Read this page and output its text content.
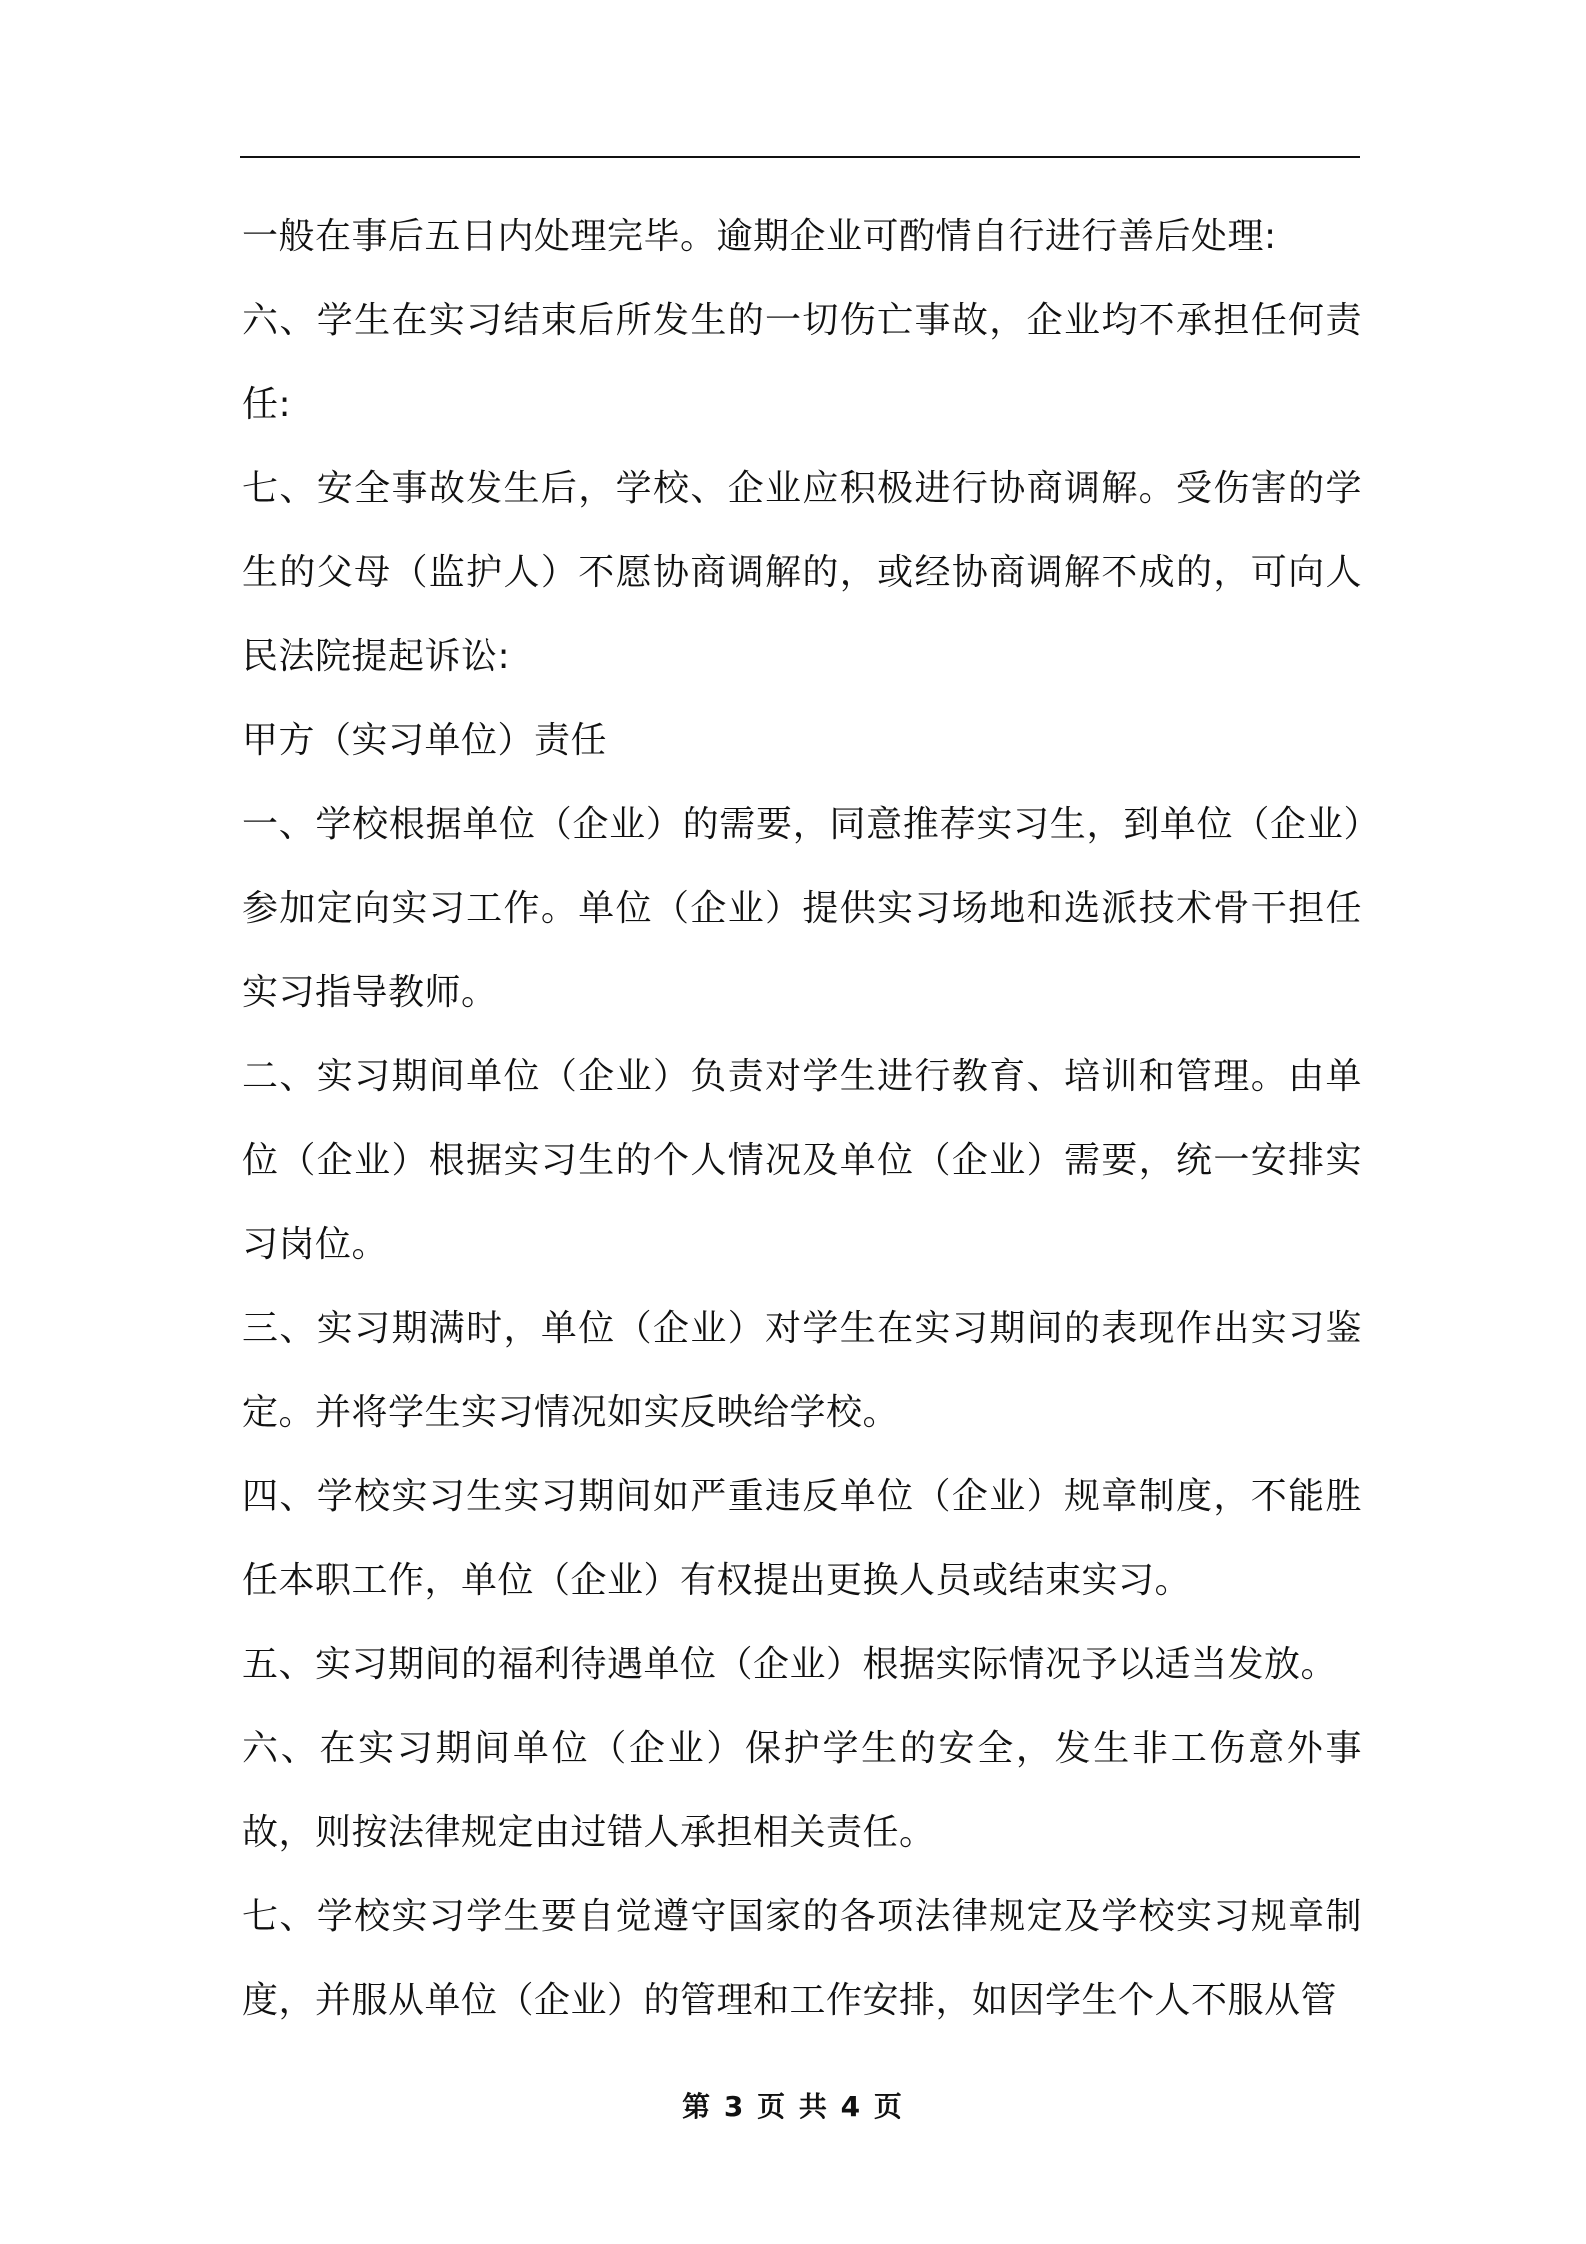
一般在事后五日内处理完毕。逾期企业可酌情自行进行善后处理:

六、学生在实习结束后所发生的一切伤亡事故，企业均不承担任何责任:

七、安全事故发生后，学校、企业应积极进行协商调解。受伤害的学生的父母（监护人）不愿协商调解的，或经协商调解不成的，可向人民法院提起诉讼:

甲方（实习单位）责任

一、学校根据单位（企业）的需要，同意推荐实习生，到单位（企业）参加定向实习工作。单位（企业）提供实习场地和选派技术骨干担任实习指导教师。

二、实习期间单位（企业）负责对学生进行教育、培训和管理。由单位（企业）根据实习生的个人情况及单位（企业）需要，统一安排实习岗位。

三、实习期满时，单位（企业）对学生在实习期间的表现作出实习鉴定。并将学生实习情况如实反映给学校。

四、学校实习生实习期间如严重违反单位（企业）规章制度，不能胜任本职工作，单位（企业）有权提出更换人员或结束实习。

五、实习期间的福利待遇单位（企业）根据实际情况予以适当发放。

六、在实习期间单位（企业）保护学生的安全，发生非工伤意外事故，则按法律规定由过错人承担相关责任。

七、学校实习学生要自觉遵守国家的各项法律规定及学校实习规章制度，并服从单位（企业）的管理和工作安排，如因学生个人不服从管

第 3 页 共 4 页
